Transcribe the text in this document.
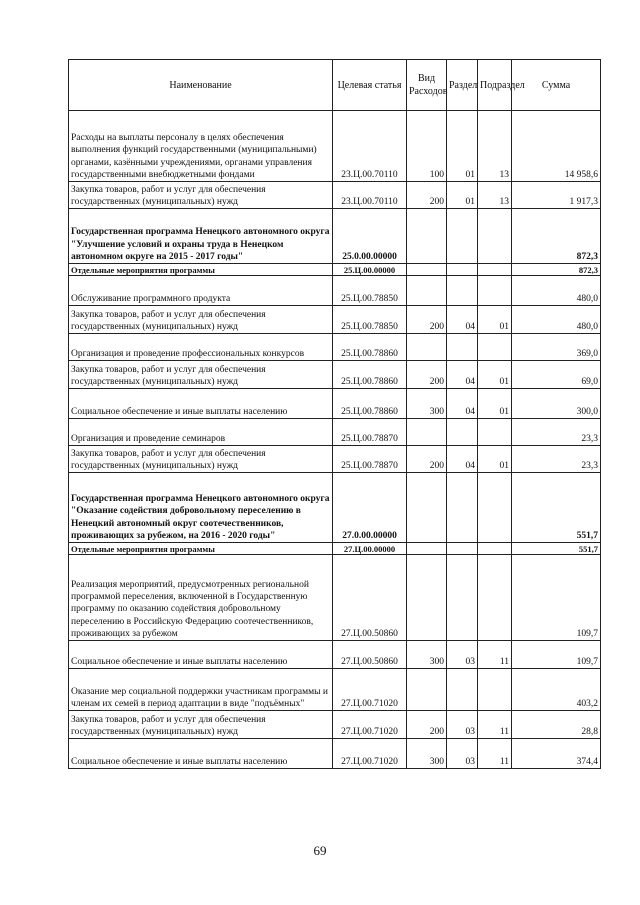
Наименование	Целевая статья	Вид Расходов	Раздел	Подраздел	Сумма
Расходы на выплаты персоналу в целях обеспечения выполнения функций государственными (муниципальными) органами, казёнными учреждениями, органами управления государственными внебюджетными фондами	23.Ц.00.70110	100	01	13	14 958,6
Закупка товаров, работ и услуг для обеспечения государственных (муниципальных) нужд	23.Ц.00.70110	200	01	13	1 917,3
Государственная программа Ненецкого автономного округа "Улучшение условий и охраны труда в Ненецком автономном округе на 2015 - 2017 годы"	25.0.00.00000				872,3
Отдельные мероприятия программы	25.Ц.00.00000				872,3
Обслуживание программного продукта	25.Ц.00.78850				480,0
Закупка товаров, работ и услуг для обеспечения государственных (муниципальных) нужд	25.Ц.00.78850	200	04	01	480,0
Организация и проведение профессиональных конкурсов	25.Ц.00.78860				369,0
Закупка товаров, работ и услуг для обеспечения государственных (муниципальных) нужд	25.Ц.00.78860	200	04	01	69,0
Социальное обеспечение и иные выплаты населению	25.Ц.00.78860	300	04	01	300,0
Организация и проведение семинаров	25.Ц.00.78870				23,3
Закупка товаров, работ и услуг для обеспечения государственных (муниципальных) нужд	25.Ц.00.78870	200	04	01	23,3
Государственная программа Ненецкого автономного округа "Оказание содействия добровольному переселению в Ненецкий автономный округ соотечественников, проживающих за рубежом, на 2016 - 2020 годы"	27.0.00.00000				551,7
Отдельные мероприятия программы	27.Ц.00.00000				551,7
Реализация мероприятий, предусмотренных региональной программой переселения, включенной в Государственную программу по оказанию содействия добровольному переселению в Российскую Федерацию соотечественников, проживающих за рубежом	27.Ц.00.50860				109,7
Социальное обеспечение и иные выплаты населению	27.Ц.00.50860	300	03	11	109,7
Оказание мер социальной поддержки участникам программы и членам их семей в период адаптации в виде "подъёмных"	27.Ц.00.71020				403,2
Закупка товаров, работ и услуг для обеспечения государственных (муниципальных) нужд	27.Ц.00.71020	200	03	11	28,8
Социальное обеспечение и иные выплаты населению	27.Ц.00.71020	300	03	11	374,4
69
